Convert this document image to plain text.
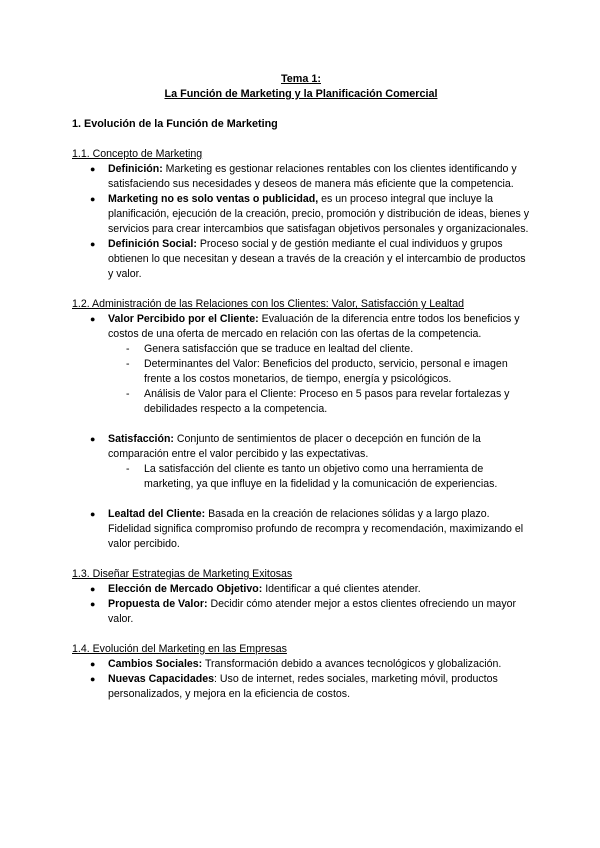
Tema 1:
La Función de Marketing y la Planificación Comercial
1. Evolución de la Función de Marketing
1.1. Concepto de Marketing
● Definición: Marketing es gestionar relaciones rentables con los clientes identificando y satisfaciendo sus necesidades y deseos de manera más eficiente que la competencia.
● Marketing no es solo ventas o publicidad, es un proceso integral que incluye la planificación, ejecución de la creación, precio, promoción y distribución de ideas, bienes y servicios para crear intercambios que satisfagan objetivos personales y organizacionales.
● Definición Social: Proceso social y de gestión mediante el cual individuos y grupos obtienen lo que necesitan y desean a través de la creación y el intercambio de productos y valor.
1.2. Administración de las Relaciones con los Clientes: Valor, Satisfacción y Lealtad
● Valor Percibido por el Cliente: Evaluación de la diferencia entre todos los beneficios y costos de una oferta de mercado en relación con las ofertas de la competencia.
- Genera satisfacción que se traduce en lealtad del cliente.
- Determinantes del Valor: Beneficios del producto, servicio, personal e imagen frente a los costos monetarios, de tiempo, energía y psicológicos.
- Análisis de Valor para el Cliente: Proceso en 5 pasos para revelar fortalezas y debilidades respecto a la competencia.
● Satisfacción: Conjunto de sentimientos de placer o decepción en función de la comparación entre el valor percibido y las expectativas.
- La satisfacción del cliente es tanto un objetivo como una herramienta de marketing, ya que influye en la fidelidad y la comunicación de experiencias.
● Lealtad del Cliente: Basada en la creación de relaciones sólidas y a largo plazo. Fidelidad significa compromiso profundo de recompra y recomendación, maximizando el valor percibido.
1.3. Diseñar Estrategias de Marketing Exitosas
● Elección de Mercado Objetivo: Identificar a qué clientes atender.
● Propuesta de Valor: Decidir cómo atender mejor a estos clientes ofreciendo un mayor valor.
1.4. Evolución del Marketing en las Empresas
● Cambios Sociales: Transformación debido a avances tecnológicos y globalización.
● Nuevas Capacidades: Uso de internet, redes sociales, marketing móvil, productos personalizados, y mejora en la eficiencia de costos.
